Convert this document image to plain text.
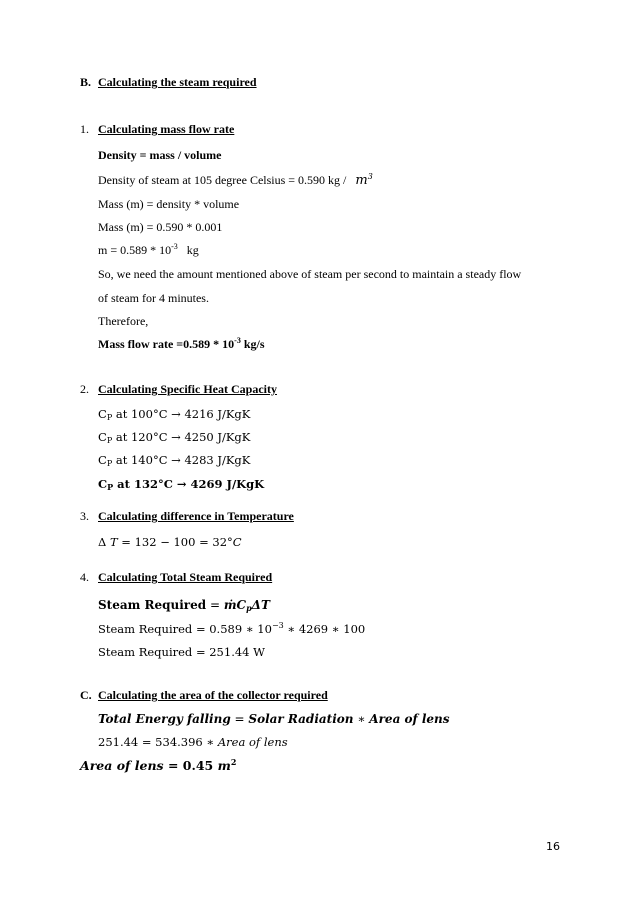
B. Calculating the steam required
1. Calculating mass flow rate
Density = mass / volume
Density of steam at 105 degree Celsius = 0.590 kg / $m^3$
Mass (m) = density * volume
Mass (m) = 0.590 * 0.001
$m = 0.589 * 10^{-3}$ kg
So, we need the amount mentioned above of steam per second to maintain a steady flow
of steam for 4 minutes.
Therefore,
Mass flow rate $=0.589 * 10^{-3}$ kg/s
2. Calculating Specific Heat Capacity
$C_P$ at 100°C → 4216 J/KgK
$C_P$ at 120°C → 4250 J/KgK
$C_P$ at 140°C → 4283 J/KgK
$C_P$ at 132°C → 4269 J/KgK
3. Calculating difference in Temperature
Δ T = 132 − 100 = 32°C
4. Calculating Total Steam Required
Steam Required = ṁC$_p$ΔT
Steam Required = 0.589 ∗ $10^{-3}$ ∗ 4269 ∗ 100
Steam Required = 251.44 W
C. Calculating the area of the collector required
Total Energy falling = Solar Radiation ∗ Area of lens
251.44 = 534.396 ∗ Area of lens
Area of lens = 0.45 $m^2$
16
